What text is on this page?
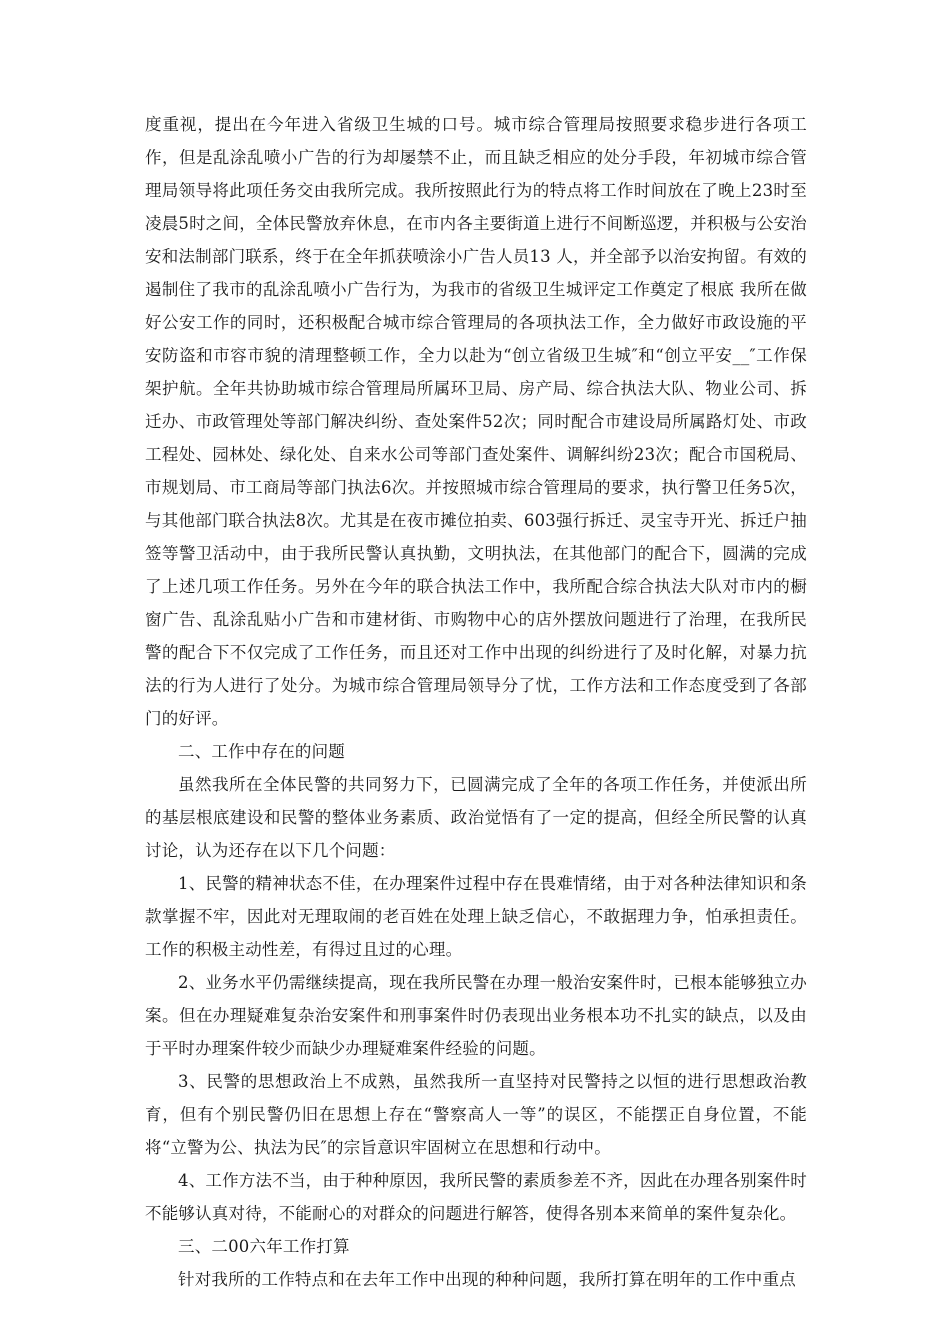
度重视，提出在今年进入省级卫生城的口号。城市综合管理局按照要求稳步进行各项工作，但是乱涂乱喷小广告的行为却屡禁不止，而且缺乏相应的处分手段，年初城市综合管理局领导将此项任务交由我所完成。我所按照此行为的特点将工作时间放在了晚上23时至凌晨5时之间，全体民警放弃休息，在市内各主要街道上进行不间断巡逻，并积极与公安治安和法制部门联系，终于在全年抓获喷涂小广告人员13 人，并全部予以治安拘留。有效的遏制住了我市的乱涂乱喷小广告行为，为我市的省级卫生城评定工作奠定了根底 我所在做好公安工作的同时，还积极配合城市综合管理局的各项执法工作，全力做好市政设施的平安防盗和市容市貌的清理整顿工作，全力以赴为“创立省级卫生城″和“创立平安__″工作保架护航。全年共协助城市综合管理局所属环卫局、房产局、综合执法大队、物业公司、拆迁办、市政管理处等部门解决纠纷、查处案件52次；同时配合市建设局所属路灯处、市政工程处、园林处、绿化处、自来水公司等部门查处案件、调解纠纷23次；配合市国税局、市规划局、市工商局等部门执法6次。并按照城市综合管理局的要求，执行警卫任务5次，与其他部门联合执法8次。尤其是在夜市摊位拍卖、603强行拆迁、灵宝寺开光、拆迁户抽签等警卫活动中，由于我所民警认真执勤，文明执法，在其他部门的配合下，圆满的完成了上述几项工作任务。另外在今年的联合执法工作中，我所配合综合执法大队对市内的橱窗广告、乱涂乱贴小广告和市建材街、市购物中心的店外摆放问题进行了治理，在我所民警的配合下不仅完成了工作任务，而且还对工作中出现的纠纷进行了及时化解，对暴力抗法的行为人进行了处分。为城市综合管理局领导分了忧，工作方法和工作态度受到了各部门的好评。

二、工作中存在的问题

虽然我所在全体民警的共同努力下，已圆满完成了全年的各项工作任务，并使派出所的基层根底建设和民警的整体业务素质、政治觉悟有了一定的提高，但经全所民警的认真讨论，认为还存在以下几个问题：

1、民警的精神状态不佳，在办理案件过程中存在畏难情绪，由于对各种法律知识和条款掌握不牢，因此对无理取闹的老百姓在处理上缺乏信心，不敢据理力争，怕承担责任。工作的积极主动性差，有得过且过的心理。

2、业务水平仍需继续提高，现在我所民警在办理一般治安案件时，已根本能够独立办案。但在办理疑难复杂治安案件和刑事案件时仍表现出业务根本功不扎实的缺点，以及由于平时办理案件较少而缺少办理疑难案件经验的问题。

3、民警的思想政治上不成熟，虽然我所一直坚持对民警持之以恒的进行思想政治教育，但有个别民警仍旧在思想上存在“警察高人一等”的误区，不能摆正自身位置，不能将“立警为公、执法为民″的宗旨意识牢固树立在思想和行动中。

4、工作方法不当，由于种种原因，我所民警的素质参差不齐，因此在办理各别案件时不能够认真对待，不能耐心的对群众的问题进行解答，使得各别本来简单的案件复杂化。

三、二00六年工作打算

针对我所的工作特点和在去年工作中出现的种种问题，我所打算在明年的工作中重点
